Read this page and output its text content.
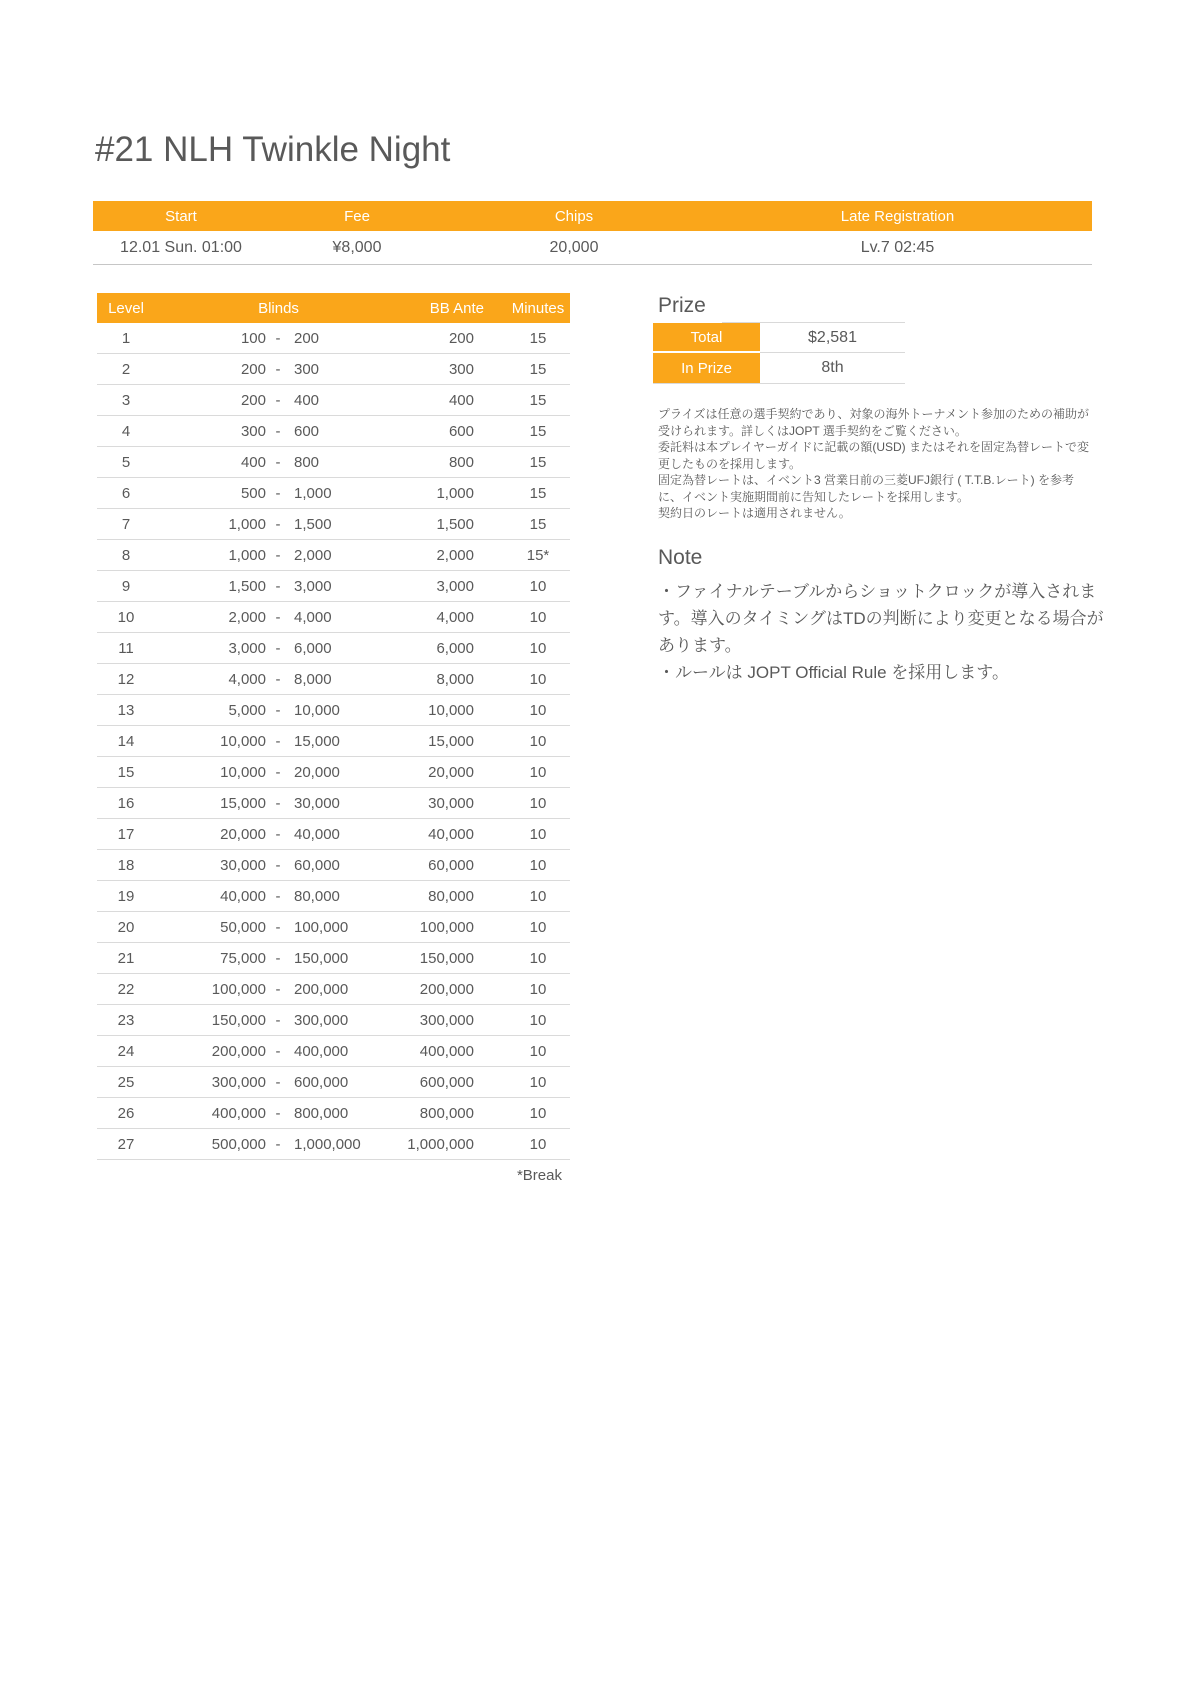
#21 NLH Twinkle Night
Start	Fee	Chips	Late Registration
12.01 Sun. 01:00	¥8,000	20,000	Lv.7 02:45
Level	Blinds	BB Ante	Minutes
1	100 - 200	200	15
2	200 - 300	300	15
3	200 - 400	400	15
4	300 - 600	600	15
5	400 - 800	800	15
6	500 - 1,000	1,000	15
7	1,000 - 1,500	1,500	15
8	1,000 - 2,000	2,000	15*
9	1,500 - 3,000	3,000	10
10	2,000 - 4,000	4,000	10
11	3,000 - 6,000	6,000	10
12	4,000 - 8,000	8,000	10
13	5,000 - 10,000	10,000	10
14	10,000 - 15,000	15,000	10
15	10,000 - 20,000	20,000	10
16	15,000 - 30,000	30,000	10
17	20,000 - 40,000	40,000	10
18	30,000 - 60,000	60,000	10
19	40,000 - 80,000	80,000	10
20	50,000 - 100,000	100,000	10
21	75,000 - 150,000	150,000	10
22	100,000 - 200,000	200,000	10
23	150,000 - 300,000	300,000	10
24	200,000 - 400,000	400,000	10
25	300,000 - 600,000	600,000	10
26	400,000 - 800,000	800,000	10
27	500,000 - 1,000,000	1,000,000	10
*Break
Prize
Total	$2,581
In Prize	8th

プライズは任意の選手契約であり、対象の海外トーナメント参加のための補助が受けられます。詳しくはJOPT 選手契約をご覧ください。

委託料は本プレイヤーガイドに記載の額(USD) またはそれを固定為替レートで変更したものを採用します。

固定為替レートは、イベント3 営業日前の三菱UFJ銀行 ( T.T.B.レート) を参考に、イベント実施期間前に告知したレートを採用します。

契約日のレートは適用されません。

Note

・ファイナルテーブルからショットクロックが導入されます。導入のタイミングはTDの判断により変更となる場合があります。

・ルールは JOPT Official Rule を採用します。
